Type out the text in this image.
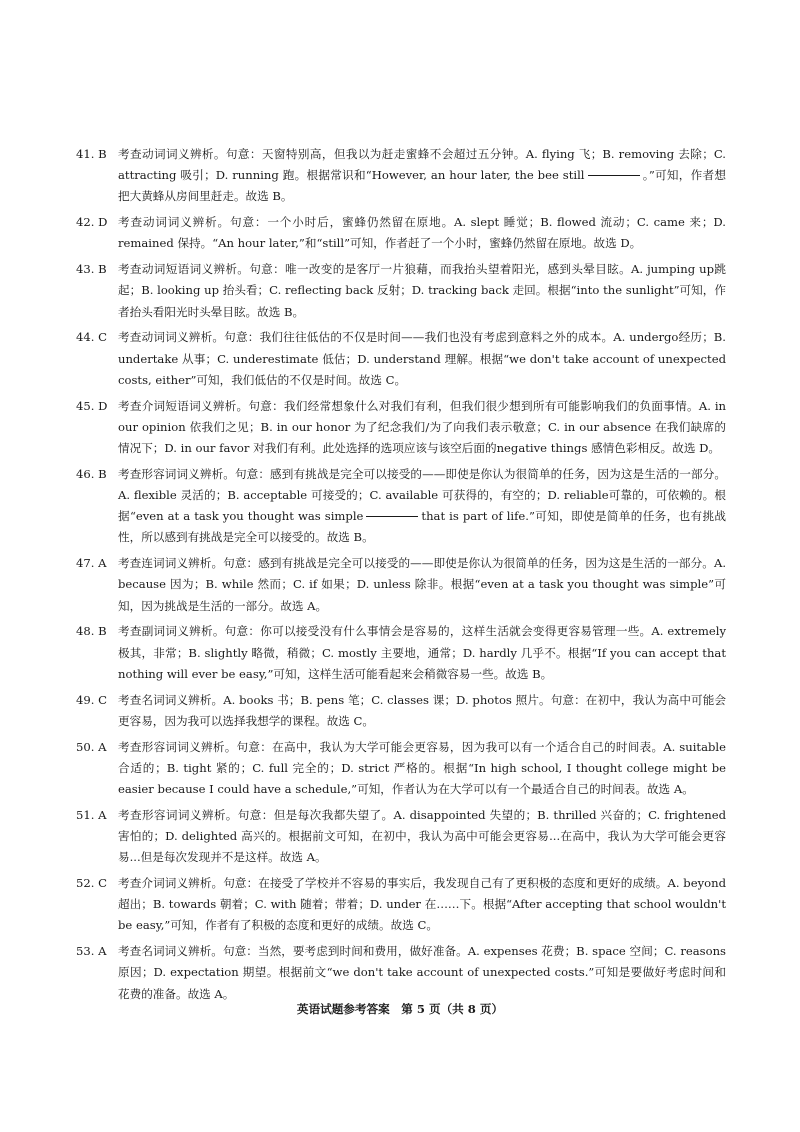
41. B 考查动词词义辨析。句意：天窗特别高，但我以为赶走蜜蜂不会超过五分钟。A. flying 飞；B. removing 去除；C. attracting 吸引；D. running 跑。根据常识和“However, an hour later, the bee still	。”可知，作者想把大黄蜂从房间里赶走。故选 B。
42. D 考查动词词义辨析。句意：一个小时后，蜜蜂仍然留在原地。A. slept 睡觉；B. flowed 流动；C. came 来；D. remained 保持。“An hour later,”和“still”可知，作者赶了一个小时，蜜蜂仍然留在原地。故选 D。
43. B 考查动词短语词义辨析。句意：唯一改变的是客厅一片狼藉，而我抬头望着阳光，感到头晕目眩。A. jumping up跳起；B. looking up 抬头看；C. reflecting back 反射；D. tracking back 走回。根据“into the sunlight”可知，作者抬头看阳光时头晕目眩。故选 B。
44. C 考查动词词义辨析。句意：我们往往低估的不仅是时间——我们也没有考虑到意料之外的成本。A. undergo经历；B. undertake 从事；C. underestimate 低估；D. understand 理解。根据“we don't take account of unexpected costs, either”可知，我们低估的不仅是时间。故选 C。
45. D 考查介词短语词义辨析。句意：我们经常想象什么对我们有利，但我们很少想到所有可能影响我们的负面事情。A. in our opinion 依我们之见；B. in our honor 为了纪念我们/为了向我们表示敬意；C. in our absence 在我们缺席的情况下；D. in our favor 对我们有利。此处选择的选项应该与该空后面的negative things 感情色彩相反。故选 D。
46. B 考查形容词词义辨析。句意：感到有挑战是完全可以接受的——即使是你认为很简单的任务，因为这是生活的一部分。A. flexible 灵活的；B. acceptable 可接受的；C. available 可获得的，有空的；D. reliable可靠的，可依赖的。根据“even at a task you thought was simple	that is part of life.”可知，即使是简单的任务，也有挑战性，所以感到有挑战是完全可以接受的。故选 B。
47. A 考查连词词义辨析。句意：感到有挑战是完全可以接受的——即使是你认为很简单的任务，因为这是生活的一部分。A. because 因为；B. while 然而；C. if 如果；D. unless 除非。根据“even at a task you thought was simple”可知，因为挑战是生活的一部分。故选 A。
48. B 考查副词词义辨析。句意：你可以接受没有什么事情会是容易的，这样生活就会变得更容易管理一些。A. extremely 极其，非常；B. slightly 略微，稍微；C. mostly 主要地，通常；D. hardly 几乎不。根据“If you can accept that nothing will ever be easy,”可知，这样生活可能看起来会稍微容易一些。故选 B。
49. C 考查名词词义辨析。A. books 书；B. pens 笔；C. classes 课；D. photos 照片。句意：在初中，我认为高中可能会更容易，因为我可以选择我想学的课程。故选 C。
50. A 考查形容词词义辨析。句意：在高中，我认为大学可能会更容易，因为我可以有一个适合自己的时间表。A. suitable 合适的；B. tight 紧的；C. full 完全的；D. strict 严格的。根据“In high school, I thought college might be easier because I could have a schedule,”可知，作者认为在大学可以有一个最适合自己的时间表。故选 A。
51. A 考查形容词词义辨析。句意：但是每次我都失望了。A. disappointed 失望的；B. thrilled 兴奋的；C. frightened 害怕的；D. delighted 高兴的。根据前文可知，在初中，我认为高中可能会更容易...在高中，我认为大学可能会更容易...但是每次发现并不是这样。故选 A。
52. C 考查介词词义辨析。句意：在接受了学校并不容易的事实后，我发现自己有了更积极的态度和更好的成绩。A. beyond 超出；B. towards 朝着；C. with 随着；带着；D. under 在……下。根据“After accepting that school wouldn't be easy,”可知，作者有了积极的态度和更好的成绩。故选 C。
53. A 考查名词词义辨析。句意：当然，要考虑到时间和费用，做好准备。A. expenses 花费；B. space 空间；C. reasons 原因；D. expectation 期望。根据前文“we don't take account of unexpected costs.”可知是要做好考虑时间和花费的准备。故选 A。
英语试题参考答案　第 5 页（共 8 页）
